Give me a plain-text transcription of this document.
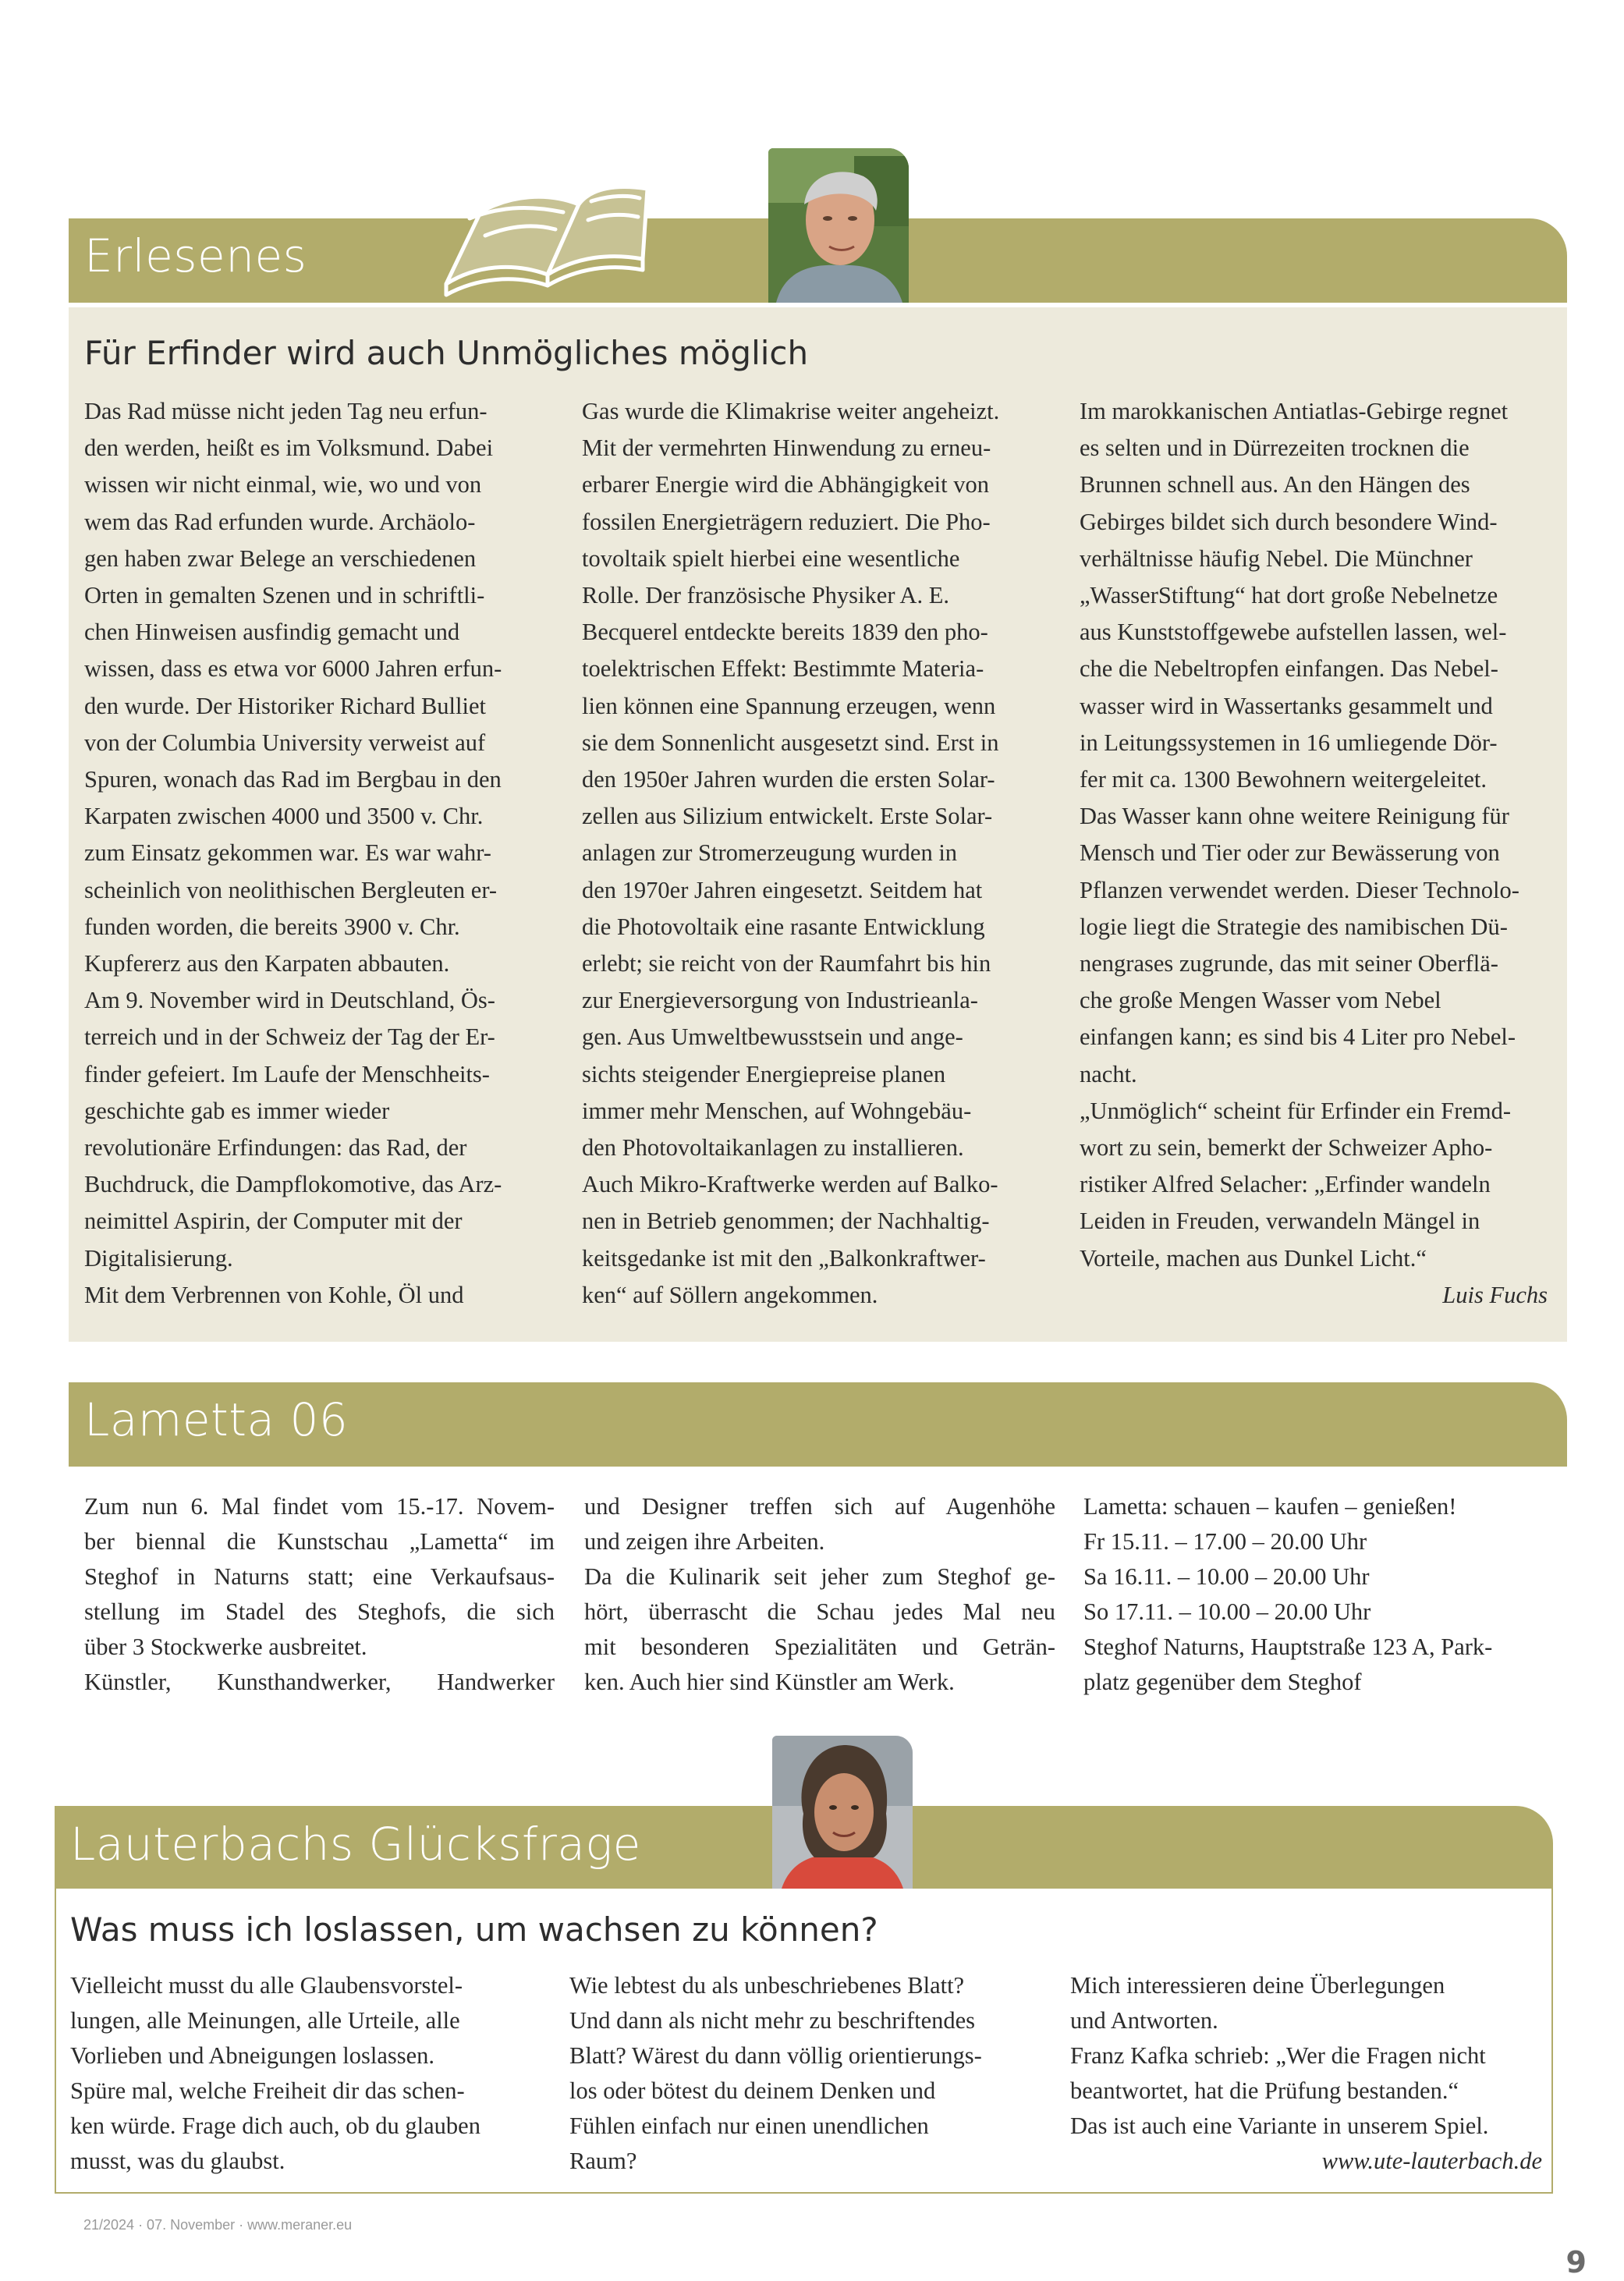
Erlesenes
Für Erfinder wird auch Unmögliches möglich
Das Rad müsse nicht jeden Tag neu erfun-
den werden, heißt es im Volksmund. Dabei
wissen wir nicht einmal, wie, wo und von
wem das Rad erfunden wurde. Archäolo-
gen haben zwar Belege an verschiedenen
Orten in gemalten Szenen und in schriftli-
chen Hinweisen ausfindig gemacht und
wissen, dass es etwa vor 6000 Jahren erfun-
den wurde. Der Historiker Richard Bulliet
von der Columbia University verweist auf
Spuren, wonach das Rad im Bergbau in den
Karpaten zwischen 4000 und 3500 v. Chr.
zum Einsatz gekommen war. Es war wahr-
scheinlich von neolithischen Bergleuten er-
funden worden, die bereits 3900 v. Chr.
Kupfererz aus den Karpaten abbauten.
Am 9. November wird in Deutschland, Ös-
terreich und in der Schweiz der Tag der Er-
finder gefeiert. Im Laufe der Menschheits-
geschichte gab es immer wieder
revolutionäre Erfindungen: das Rad, der
Buchdruck, die Dampflokomotive, das Arz-
neimittel Aspirin, der Computer mit der
Digitalisierung.
Mit dem Verbrennen von Kohle, Öl und
Gas wurde die Klimakrise weiter angeheizt.
Mit der vermehrten Hinwendung zu erneu-
erbarer Energie wird die Abhängigkeit von
fossilen Energieträgern reduziert. Die Pho-
tovoltaik spielt hierbei eine wesentliche
Rolle. Der französische Physiker A. E.
Becquerel entdeckte bereits 1839 den pho-
toelektrischen Effekt: Bestimmte Materia-
lien können eine Spannung erzeugen, wenn
sie dem Sonnenlicht ausgesetzt sind. Erst in
den 1950er Jahren wurden die ersten Solar-
zellen aus Silizium entwickelt. Erste Solar-
anlagen zur Stromerzeugung wurden in
den 1970er Jahren eingesetzt. Seitdem hat
die Photovoltaik eine rasante Entwicklung
erlebt; sie reicht von der Raumfahrt bis hin
zur Energieversorgung von Industrieanla-
gen. Aus Umweltbewusstsein und ange-
sichts steigender Energiepreise planen
immer mehr Menschen, auf Wohngebäu-
den Photovoltaikanlagen zu installieren.
Auch Mikro-Kraftwerke werden auf Balko-
nen in Betrieb genommen; der Nachhaltig-
keitsgedanke ist mit den „Balkonkraftwer-
ken“ auf Söllern angekommen.
Im marokkanischen Antiatlas-Gebirge regnet
es selten und in Dürrezeiten trocknen die
Brunnen schnell aus. An den Hängen des
Gebirges bildet sich durch besondere Wind-
verhältnisse häufig Nebel. Die Münchner
„WasserStiftung“ hat dort große Nebelnetze
aus Kunststoffgewebe aufstellen lassen, wel-
che die Nebeltropfen einfangen. Das Nebel-
wasser wird in Wassertanks gesammelt und
in Leitungssystemen in 16 umliegende Dör-
fer mit ca. 1300 Bewohnern weitergeleitet.
Das Wasser kann ohne weitere Reinigung für
Mensch und Tier oder zur Bewässerung von
Pflanzen verwendet werden. Dieser Technolo-
logie liegt die Strategie des namibischen Dü-
nengrases zugrunde, das mit seiner Oberflä-
che große Mengen Wasser vom Nebel
einfangen kann; es sind bis 4 Liter pro Nebel-
nacht.
„Unmöglich“ scheint für Erfinder ein Fremd-
wort zu sein, bemerkt der Schweizer Apho-
ristiker Alfred Selacher: „Erfinder wandeln
Leiden in Freuden, verwandeln Mängel in
Vorteile, machen aus Dunkel Licht.“
Luis Fuchs
Lametta 06
Zum nun 6. Mal findet vom 15.-17. Novem-
ber biennal die Kunstschau „Lametta“ im
Steghof in Naturns statt; eine Verkaufsaus-
stellung im Stadel des Steghofs, die sich
über 3 Stockwerke ausbreitet.
Künstler, Kunsthandwerker, Handwerker
und Designer treffen sich auf Augenhöhe
und zeigen ihre Arbeiten.
Da die Kulinarik seit jeher zum Steghof ge-
hört, überrascht die Schau jedes Mal neu
mit besonderen Spezialitäten und Geträn-
ken. Auch hier sind Künstler am Werk.
Lametta: schauen – kaufen – genießen!
Fr 15.11. – 17.00 – 20.00 Uhr
Sa 16.11. – 10.00 – 20.00 Uhr
So 17.11. – 10.00 – 20.00 Uhr
Steghof Naturns, Hauptstraße 123 A, Park-
platz gegenüber dem Steghof
Lauterbachs Glücksfrage
Was muss ich loslassen, um wachsen zu können?
Vielleicht musst du alle Glaubensvorstel-
lungen, alle Meinungen, alle Urteile, alle
Vorlieben und Abneigungen loslassen.
Spüre mal, welche Freiheit dir das schen-
ken würde. Frage dich auch, ob du glauben
musst, was du glaubst.
Wie lebtest du als unbeschriebenes Blatt?
Und dann als nicht mehr zu beschriftendes
Blatt? Wärest du dann völlig orientierungs-
los oder bötest du deinem Denken und
Fühlen einfach nur einen unendlichen
Raum?
Mich interessieren deine Überlegungen
und Antworten.
Franz Kafka schrieb: „Wer die Fragen nicht
beantwortet, hat die Prüfung bestanden.“
Das ist auch eine Variante in unserem Spiel.
www.ute-lauterbach.de
21/2024 · 07. November · www.meraner.eu
9
